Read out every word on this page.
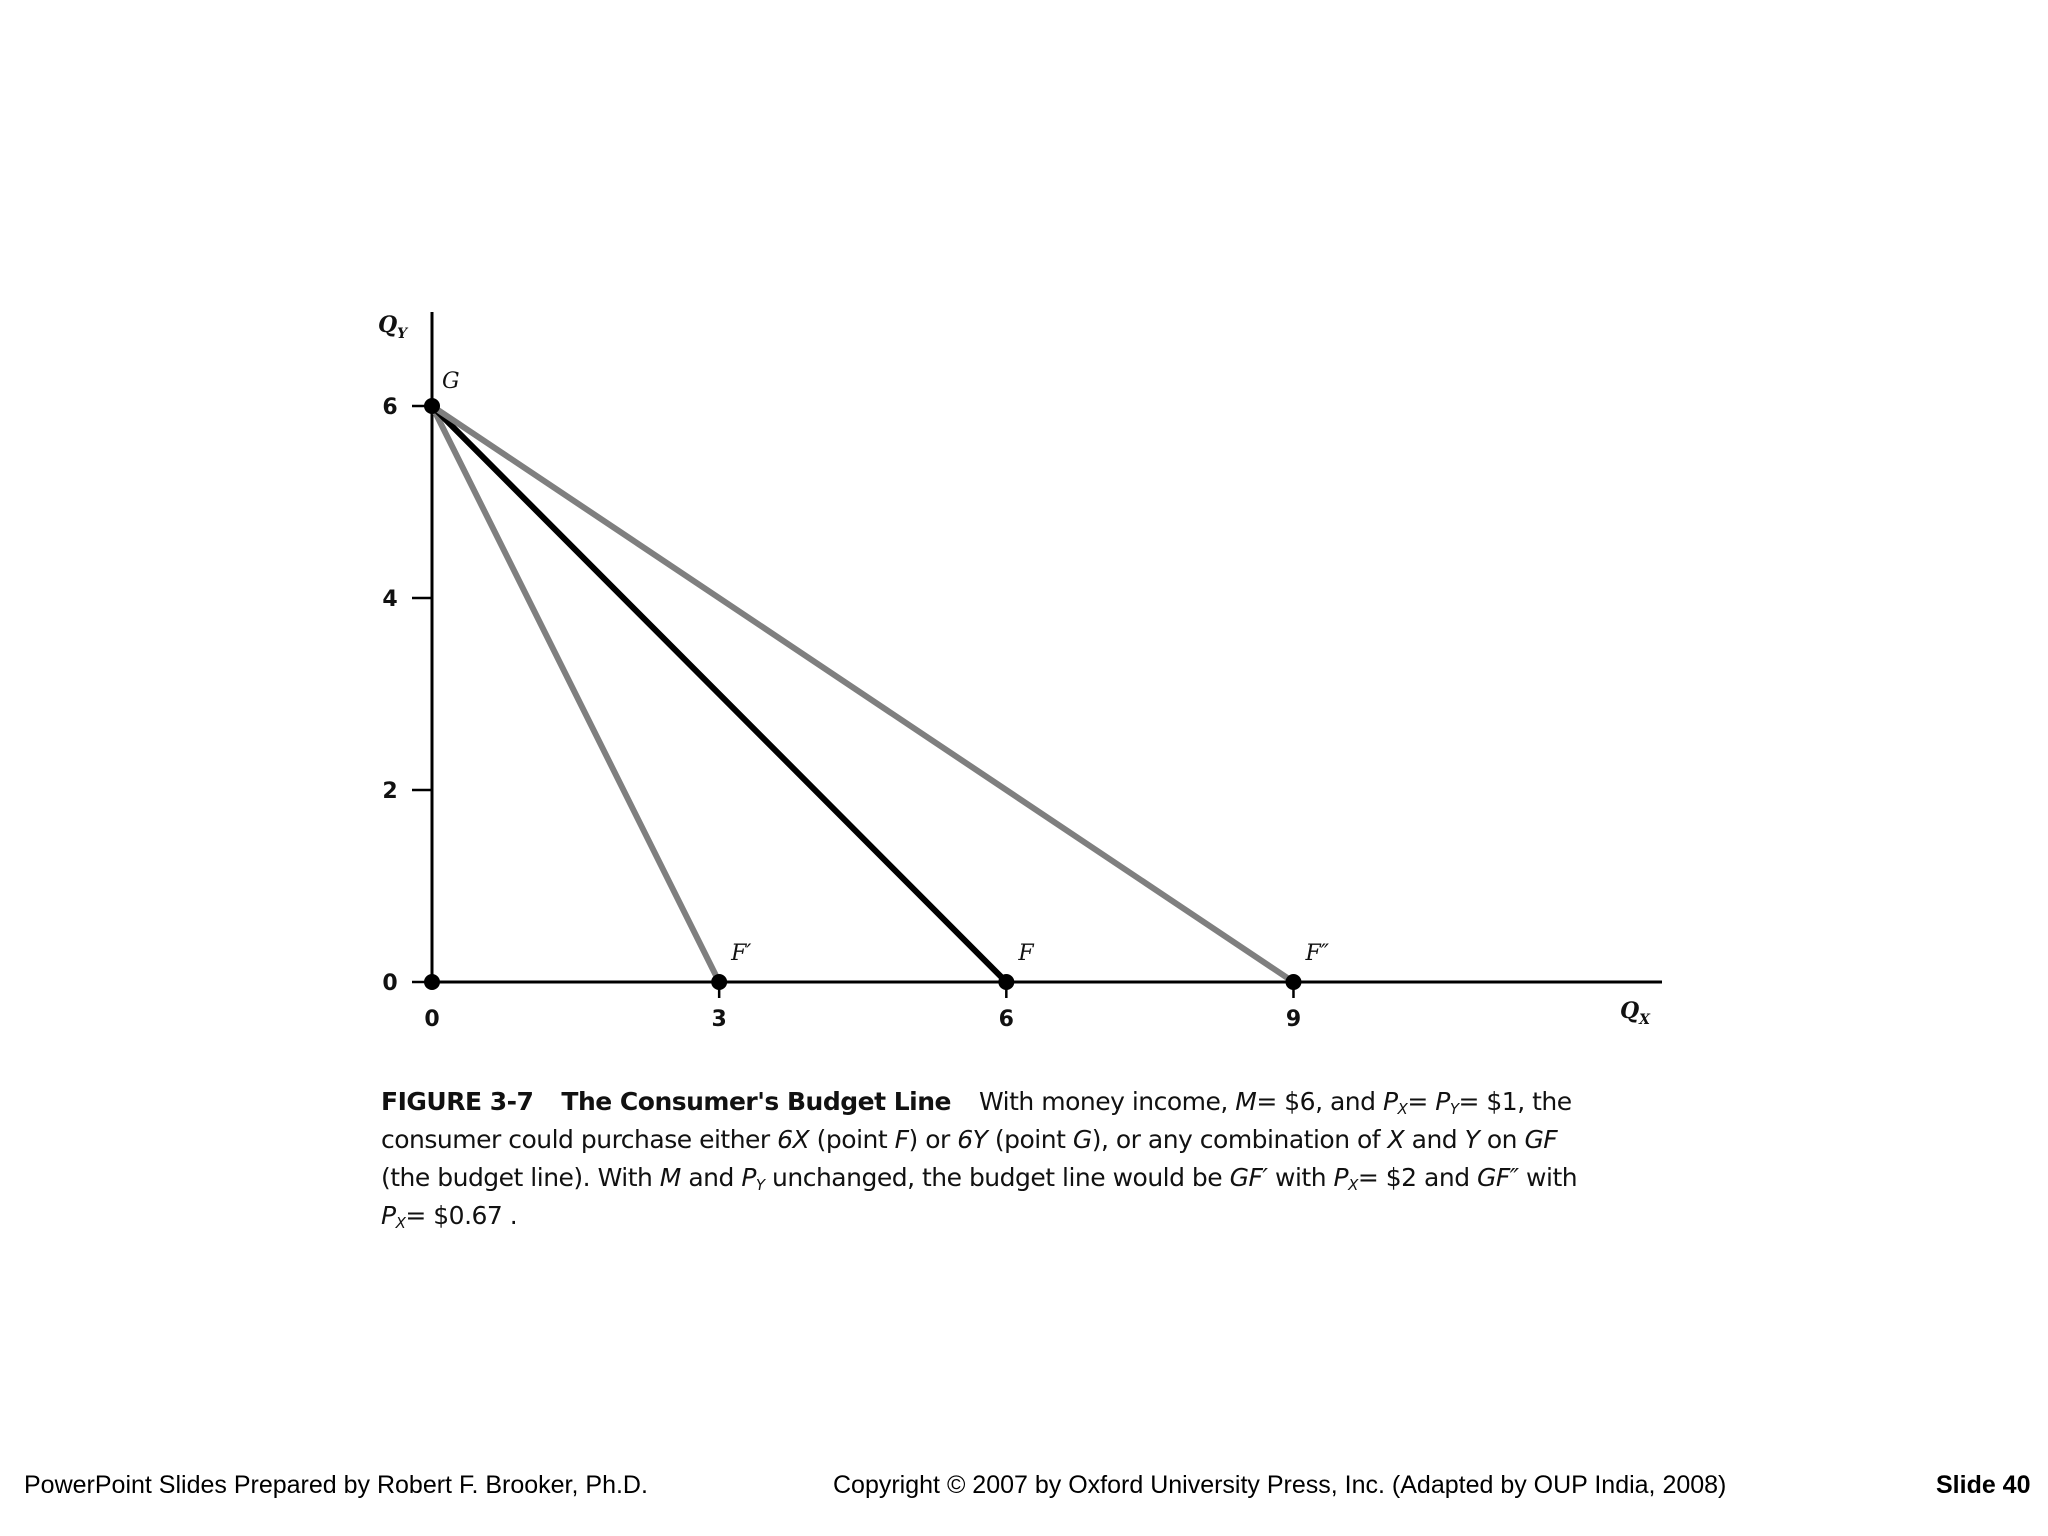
$Q_Y$
$Q_X$
0	3	6	9
0
2
4
6
G
F′	F	F″

FIGURE 3-7 The Consumer's Budget Line With money income, M= $6, and $P_X= P_Y=$ $1, the
consumer could purchase either 6X (point F) or 6Y (point G), or any combination of X and Y on GF
(the budget line). With M and $P_Y$ unchanged, the budget line would be GF′ with $P_X=$ $2 and GF″ with
$P_X=$ $0.67 .

PowerPoint Slides Prepared by Robert F. Brooker, Ph.D.	Copyright © 2007 by Oxford University Press, Inc. (Adapted by OUP India, 2008)	Slide 40
